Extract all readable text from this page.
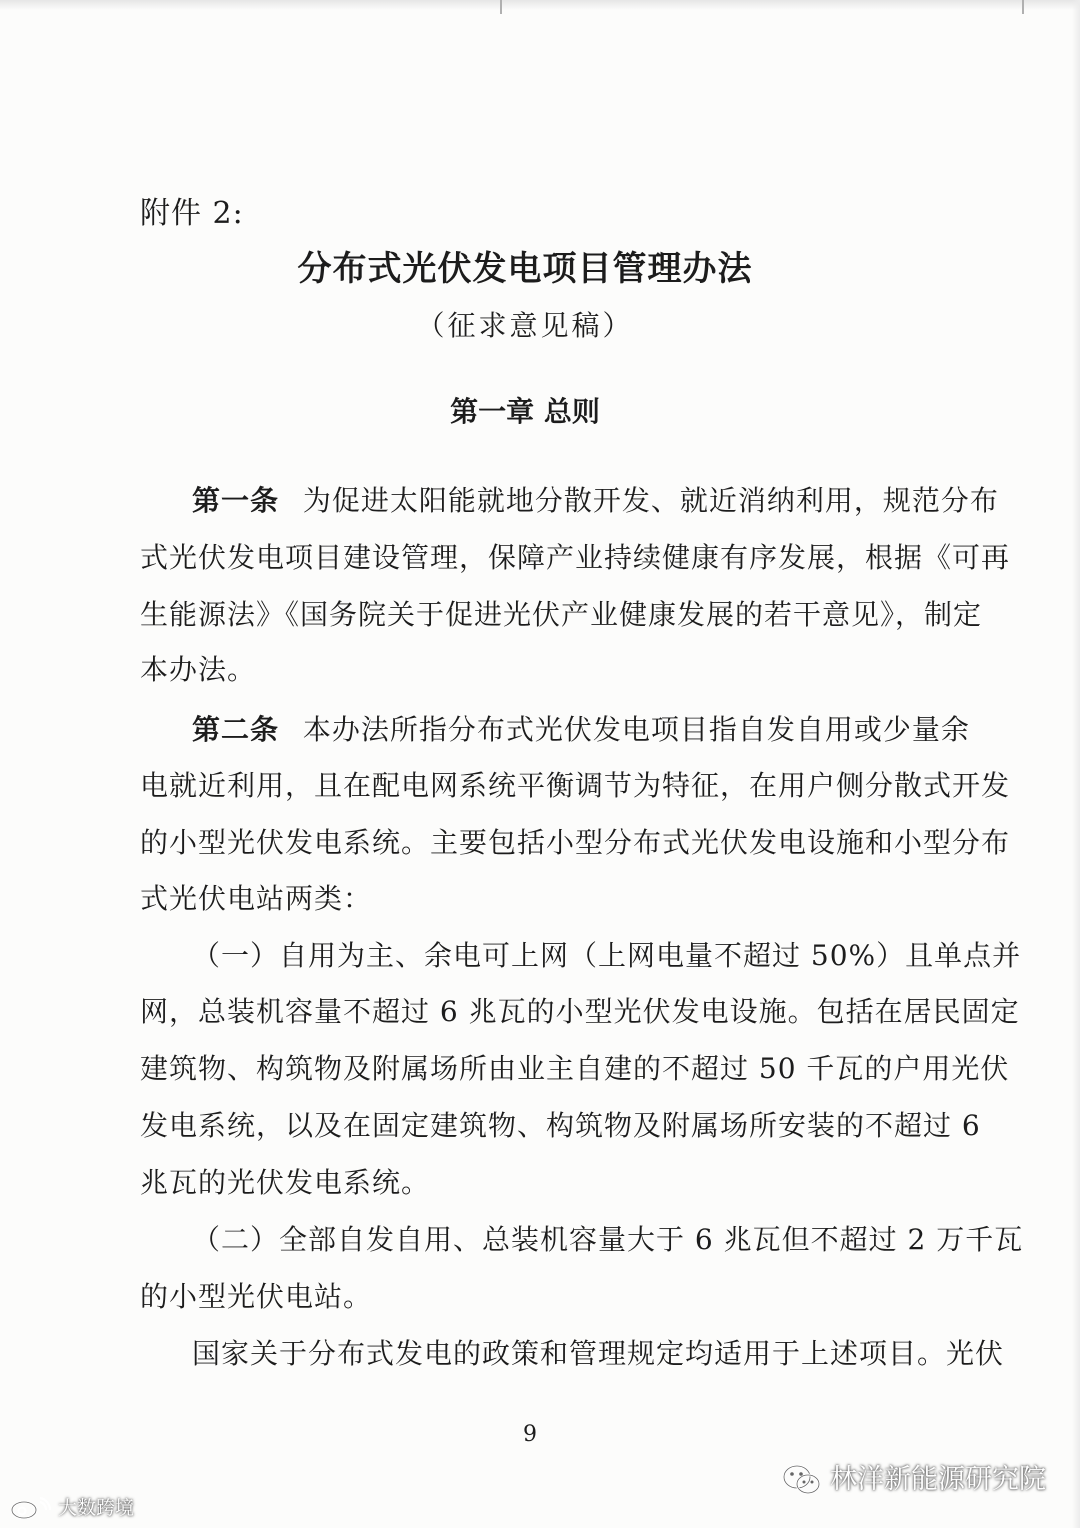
附件 2:
分布式光伏发电项目管理办法
（征求意见稿）
第一章 总则
第一条 为促进太阳能就地分散开发、就近消纳利用，规范分布
式光伏发电项目建设管理，保障产业持续健康有序发展，根据《可再
生能源法》《国务院关于促进光伏产业健康发展的若干意见》，制定
本办法。
第二条 本办法所指分布式光伏发电项目指自发自用或少量余
电就近利用，且在配电网系统平衡调节为特征，在用户侧分散式开发
的小型光伏发电系统。主要包括小型分布式光伏发电设施和小型分布
式光伏电站两类：
（一）自用为主、余电可上网（上网电量不超过 50%）且单点并
网，总装机容量不超过 6 兆瓦的小型光伏发电设施。包括在居民固定
建筑物、构筑物及附属场所由业主自建的不超过 50 千瓦的户用光伏
发电系统，以及在固定建筑物、构筑物及附属场所安装的不超过 6
兆瓦的光伏发电系统。
（二）全部自发自用、总装机容量大于 6 兆瓦但不超过 2 万千瓦
的小型光伏电站。
国家关于分布式发电的政策和管理规定均适用于上述项目。光伏
9
林洋新能源研究院
大数跨境
